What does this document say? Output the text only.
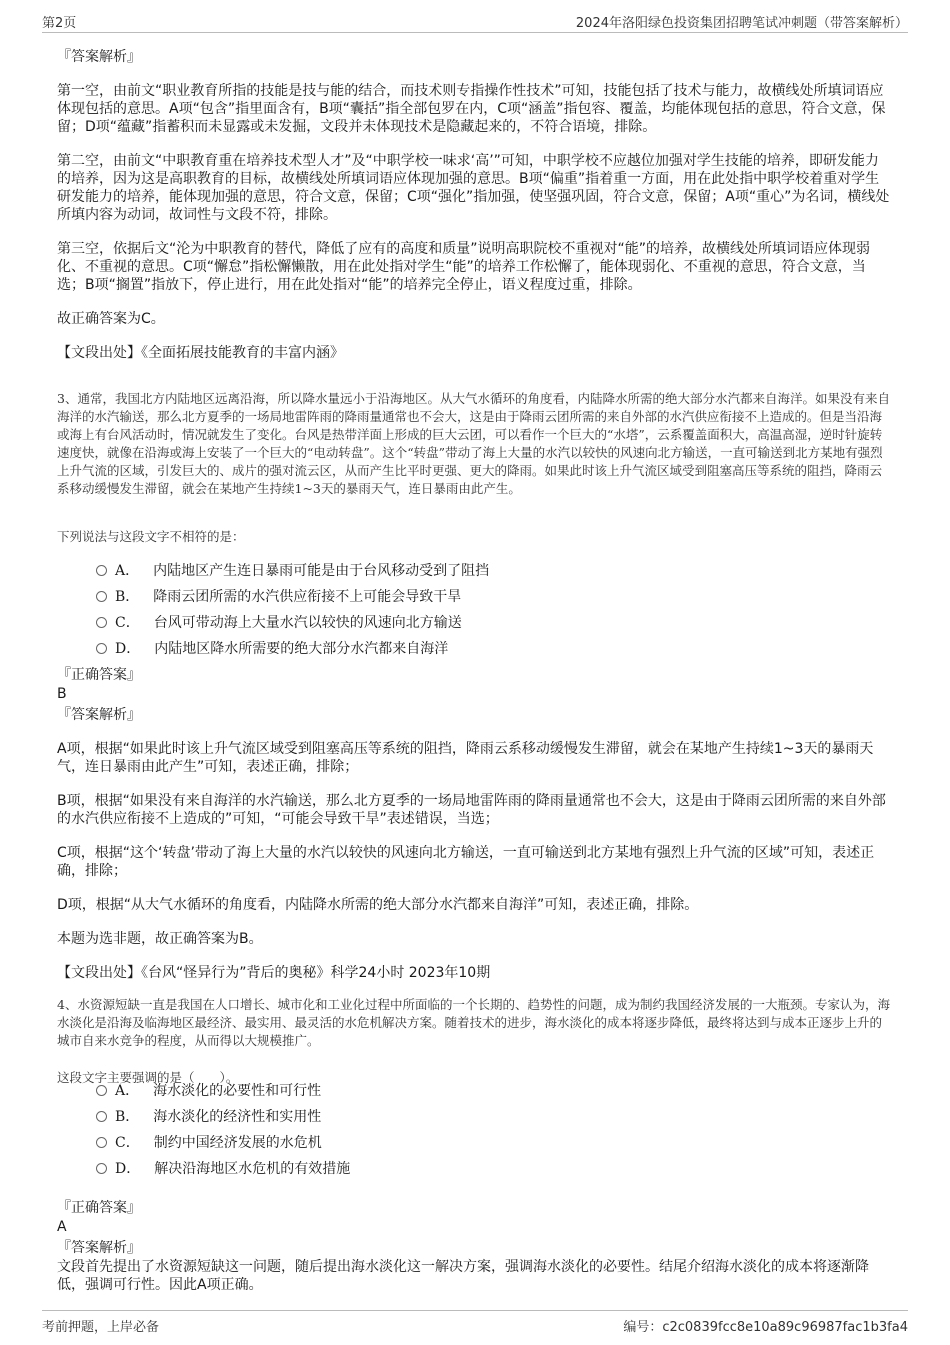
第2页	2024年洛阳绿色投资集团招聘笔试冲刺题（带答案解析）
『答案解析』

第一空，由前文“职业教育所指的技能是技与能的结合，而技术则专指操作性技术”可知，技能包括了技术与能力，故横线处所填词语应体现包括的意思。A项“包含”指里面含有，B项“囊括”指全部包罗在内，C项“涵盖”指包容、覆盖，均能体现包括的意思，符合文意，保留；D项“蕴藏”指蓄积而未显露或未发掘，文段并未体现技术是隐藏起来的，不符合语境，排除。

第二空，由前文“中职教育重在培养技术型人才”及“中职学校一味求‘高’”可知，中职学校不应越位加强对学生技能的培养，即研发能力的培养，因为这是高职教育的目标，故横线处所填词语应体现加强的意思。B项“偏重”指着重一方面，用在此处指中职学校着重对学生研发能力的培养，能体现加强的意思，符合文意，保留；C项“强化”指加强，使坚强巩固，符合文意，保留；A项“重心”为名词，横线处所填内容为动词，故词性与文段不符，排除。

第三空，依据后文“沦为中职教育的替代，降低了应有的高度和质量”说明高职院校不重视对“能”的培养，故横线处所填词语应体现弱化、不重视的意思。C项“懈怠”指松懈懒散，用在此处指对学生“能”的培养工作松懈了，能体现弱化、不重视的意思，符合文意，当选；B项“搁置”指放下，停止进行，用在此处指对“能”的培养完全停止，语义程度过重，排除。

故正确答案为C。

【文段出处】《全面拓展技能教育的丰富内涵》

3、通常，我国北方内陆地区远离沿海，所以降水量远小于沿海地区。从大气水循环的角度看，内陆降水所需的绝大部分水汽都来自海洋。如果没有来自海洋的水汽输送，那么北方夏季的一场局地雷阵雨的降雨量通常也不会大，这是由于降雨云团所需的来自外部的水汽供应衔接不上造成的。但是当沿海或海上有台风活动时，情况就发生了变化。台风是热带洋面上形成的巨大云团，可以看作一个巨大的“水塔”，云系覆盖面积大，高温高湿，逆时针旋转速度快，就像在沿海或海上安装了一个巨大的“电动转盘”。这个“转盘”带动了海上大量的水汽以较快的风速向北方输送，一直可输送到北方某地有强烈上升气流的区域，引发巨大的、成片的强对流云区，从而产生比平时更强、更大的降雨。如果此时该上升气流区域受到阻塞高压等系统的阻挡，降雨云系移动缓慢发生滞留，就会在某地产生持续1~3天的暴雨天气，连日暴雨由此产生。

下列说法与这段文字不相符的是：

A． 内陆地区产生连日暴雨可能是由于台风移动受到了阻挡
B． 降雨云团所需的水汽供应衔接不上可能会导致干旱
C． 台风可带动海上大量水汽以较快的风速向北方输送
D． 内陆地区降水所需要的绝大部分水汽都来自海洋
『正确答案』
B
『答案解析』

A项，根据“如果此时该上升气流区域受到阻塞高压等系统的阻挡，降雨云系移动缓慢发生滞留，就会在某地产生持续1~3天的暴雨天气，连日暴雨由此产生”可知，表述正确，排除；

B项，根据“如果没有来自海洋的水汽输送，那么北方夏季的一场局地雷阵雨的降雨量通常也不会大，这是由于降雨云团所需的来自外部的水汽供应衔接不上造成的”可知，“可能会导致干旱”表述错误，当选；

C项，根据“这个‘转盘’带动了海上大量的水汽以较快的风速向北方输送，一直可输送到北方某地有强烈上升气流的区域”可知，表述正确，排除；

D项，根据“从大气水循环的角度看，内陆降水所需的绝大部分水汽都来自海洋”可知，表述正确，排除。

本题为选非题，故正确答案为B。

【文段出处】《台风“怪异行为”背后的奥秘》科学24小时 2023年10期

4、水资源短缺一直是我国在人口增长、城市化和工业化过程中所面临的一个长期的、趋势性的问题，成为制约我国经济发展的一大瓶颈。专家认为，海水淡化是沿海及临海地区最经济、最实用、最灵活的水危机解决方案。随着技术的进步，海水淡化的成本将逐步降低，最终将达到与成本正逐步上升的城市自来水竞争的程度，从而得以大规模推广。

这段文字主要强调的是（　　）。

A． 海水淡化的必要性和可行性
B． 海水淡化的经济性和实用性
C． 制约中国经济发展的水危机
D． 解决沿海地区水危机的有效措施
『正确答案』
A
『答案解析』

文段首先提出了水资源短缺这一问题，随后提出海水淡化这一解决方案，强调海水淡化的必要性。结尾介绍海水淡化的成本将逐渐降低，强调可行性。因此A项正确。

考前押题，上岸必备	编号：c2c0839fcc8e10a89c96987fac1b3fa4
